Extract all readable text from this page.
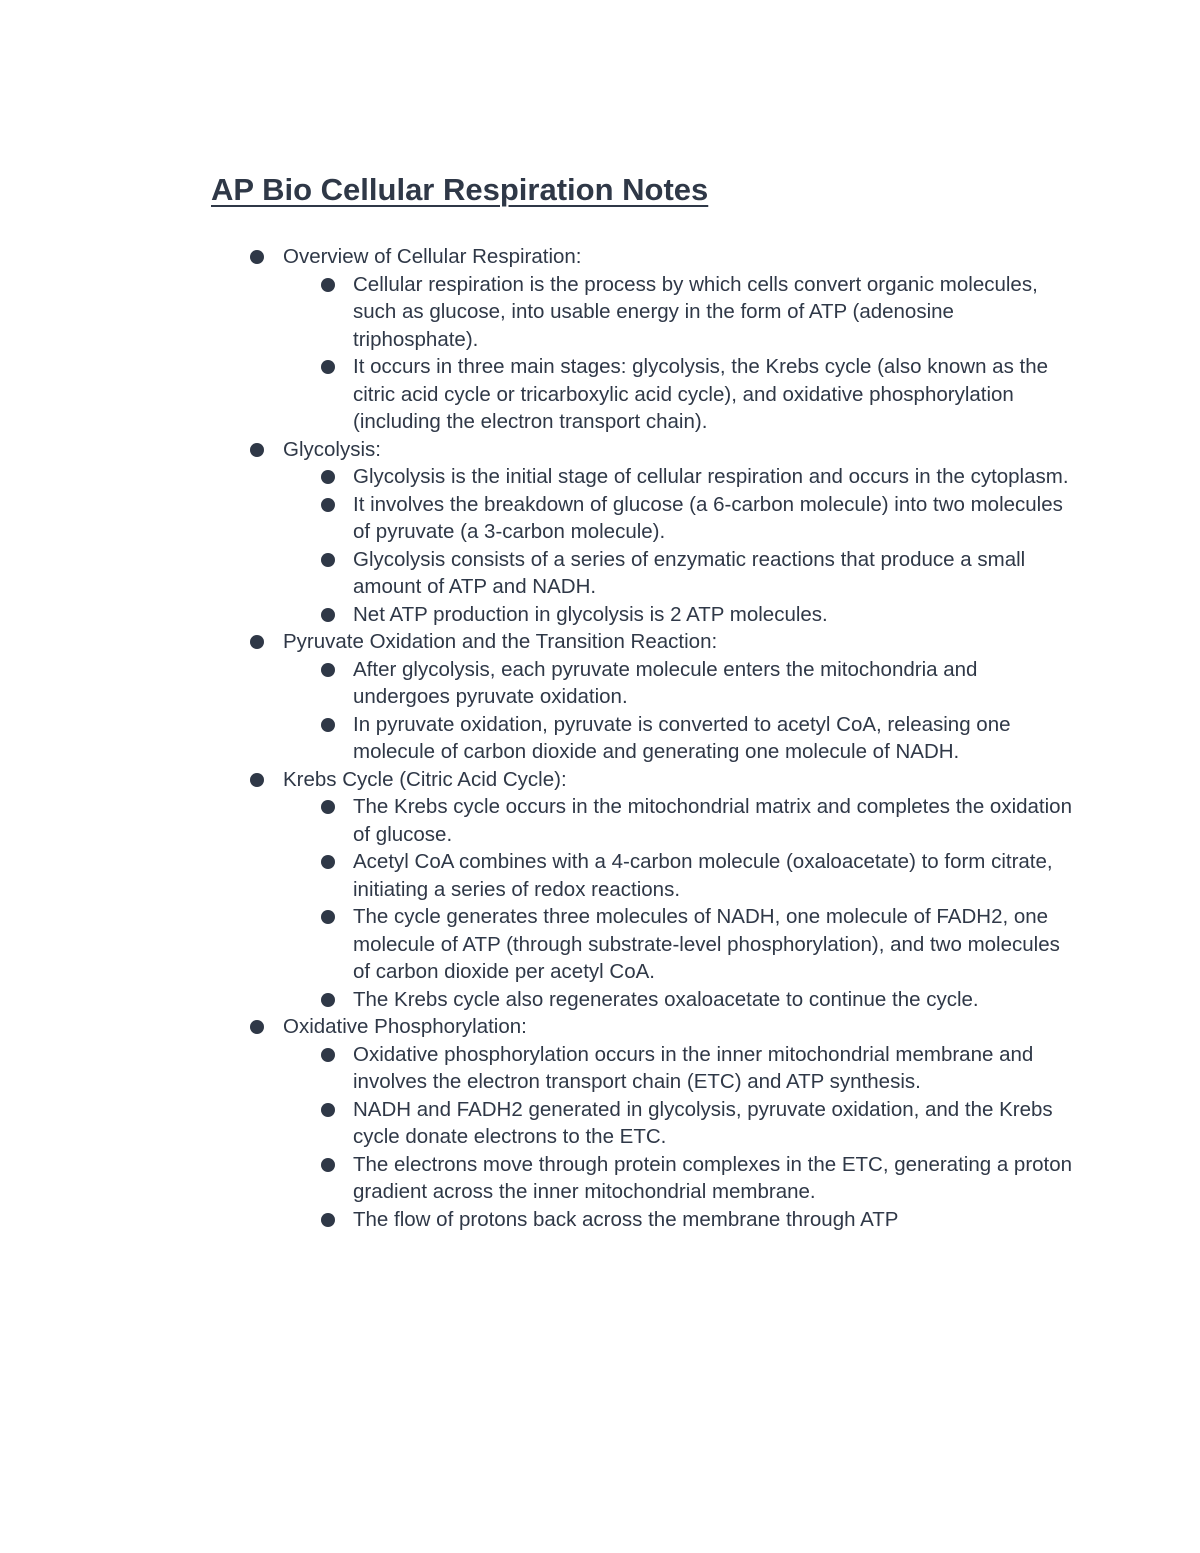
AP Bio Cellular Respiration Notes
Overview of Cellular Respiration:
Cellular respiration is the process by which cells convert organic molecules, such as glucose, into usable energy in the form of ATP (adenosine triphosphate).
It occurs in three main stages: glycolysis, the Krebs cycle (also known as the citric acid cycle or tricarboxylic acid cycle), and oxidative phosphorylation (including the electron transport chain).
Glycolysis:
Glycolysis is the initial stage of cellular respiration and occurs in the cytoplasm.
It involves the breakdown of glucose (a 6-carbon molecule) into two molecules of pyruvate (a 3-carbon molecule).
Glycolysis consists of a series of enzymatic reactions that produce a small amount of ATP and NADH.
Net ATP production in glycolysis is 2 ATP molecules.
Pyruvate Oxidation and the Transition Reaction:
After glycolysis, each pyruvate molecule enters the mitochondria and undergoes pyruvate oxidation.
In pyruvate oxidation, pyruvate is converted to acetyl CoA, releasing one molecule of carbon dioxide and generating one molecule of NADH.
Krebs Cycle (Citric Acid Cycle):
The Krebs cycle occurs in the mitochondrial matrix and completes the oxidation of glucose.
Acetyl CoA combines with a 4-carbon molecule (oxaloacetate) to form citrate, initiating a series of redox reactions.
The cycle generates three molecules of NADH, one molecule of FADH2, one molecule of ATP (through substrate-level phosphorylation), and two molecules of carbon dioxide per acetyl CoA.
The Krebs cycle also regenerates oxaloacetate to continue the cycle.
Oxidative Phosphorylation:
Oxidative phosphorylation occurs in the inner mitochondrial membrane and involves the electron transport chain (ETC) and ATP synthesis.
NADH and FADH2 generated in glycolysis, pyruvate oxidation, and the Krebs cycle donate electrons to the ETC.
The electrons move through protein complexes in the ETC, generating a proton gradient across the inner mitochondrial membrane.
The flow of protons back across the membrane through ATP
